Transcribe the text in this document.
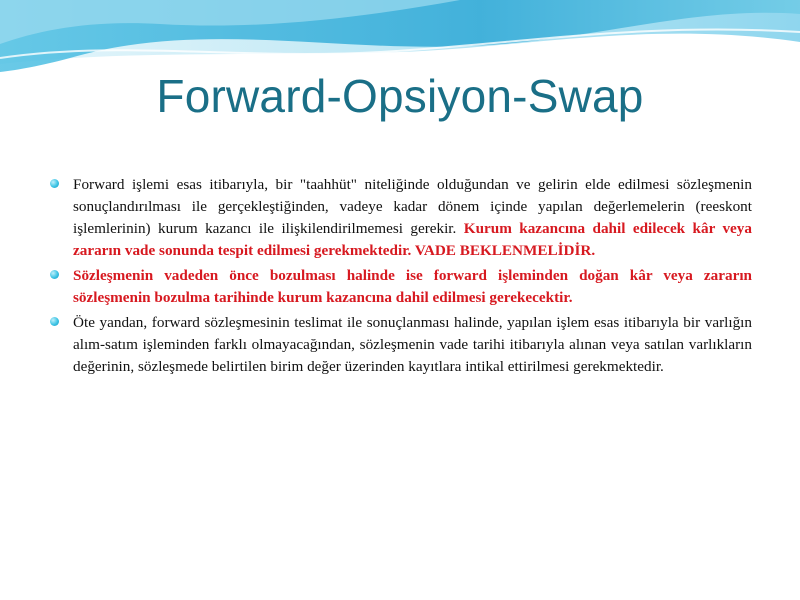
Forward-Opsiyon-Swap
Forward işlemi esas itibarıyla, bir "taahhüt" niteliğinde olduğundan ve gelirin elde edilmesi sözleşmenin sonuçlandırılması ile gerçekleştiğinden, vadeye kadar dönem içinde yapılan değerlemelerin (reeskont işlemlerinin) kurum kazancı ile ilişkilendirilmemesi gerekir. Kurum kazancına dahil edilecek kâr veya zararın vade sonunda tespit edilmesi gerekmektedir. VADE BEKLENMELİDİR.
Sözleşmenin vadeden önce bozulması halinde ise forward işleminden doğan kâr veya zararın sözleşmenin bozulma tarihinde kurum kazancına dahil edilmesi gerekecektir.
Öte yandan, forward sözleşmesinin teslimat ile sonuçlanması halinde, yapılan işlem esas itibarıyla bir varlığın alım-satım işleminden farklı olmayacağından, sözleşmenin vade tarihi itibarıyla alınan veya satılan varlıkların değerinin, sözleşmede belirtilen birim değer üzerinden kayıtlara intikal ettirilmesi gerekmektedir.
